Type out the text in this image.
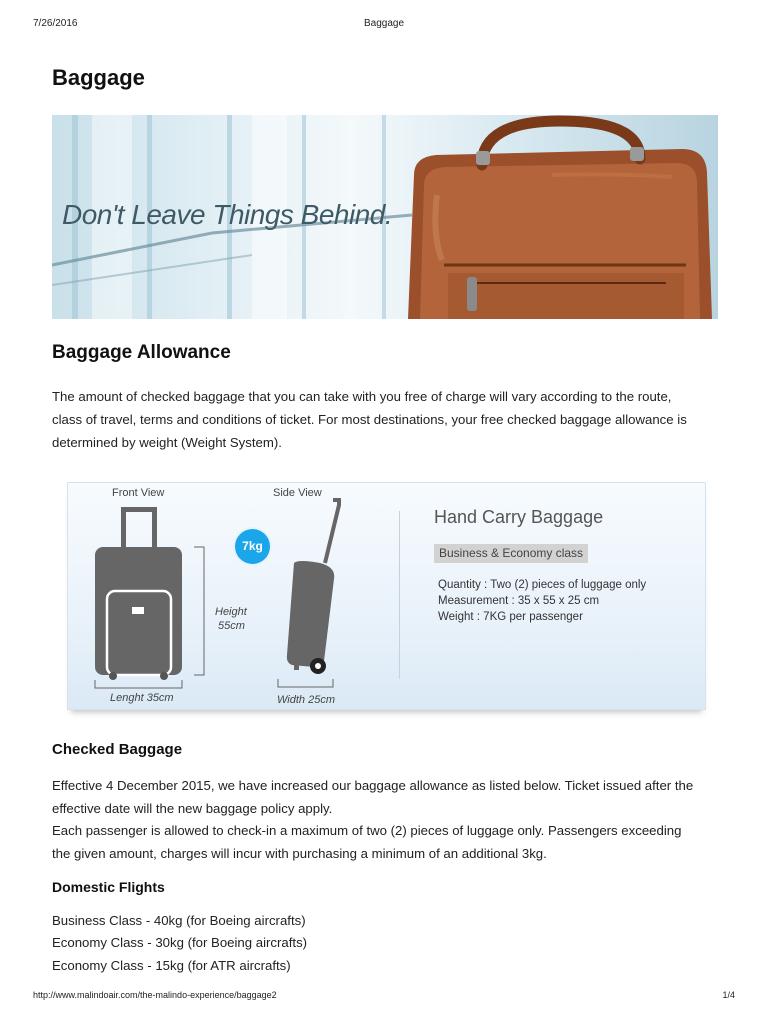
7/26/2016	Baggage
Baggage
Don't Leave Things Behind.
Baggage Allowance

The amount of checked baggage that you can take with you free of charge will vary according to the route,

class of travel, terms and conditions of ticket. For most destinations, your free checked baggage allowance is

determined by weight (Weight System).

Front View	Side View
7kg
Height
55cm
Lenght 35cm	Width 25cm
Hand Carry Baggage
Business & Economy class
Quantity : Two (2) pieces of luggage only
Measurement : 35 x 55 x 25 cm
Weight : 7KG per passenger
Checked Baggage

Effective 4 December 2015, we have increased our baggage allowance as listed below. Ticket issued after the

effective date will the new baggage policy apply.

Each passenger is allowed to check-in a maximum of two (2) pieces of luggage only. Passengers exceeding

the given amount, charges will incur with purchasing a minimum of an additional 3kg.

Domestic Flights

Business Class - 40kg (for Boeing aircrafts)

Economy Class - 30kg (for Boeing aircrafts)

Economy Class - 15kg (for ATR aircrafts)

http://www.malindoair.com/the-malindo-experience/baggage2	1/4
